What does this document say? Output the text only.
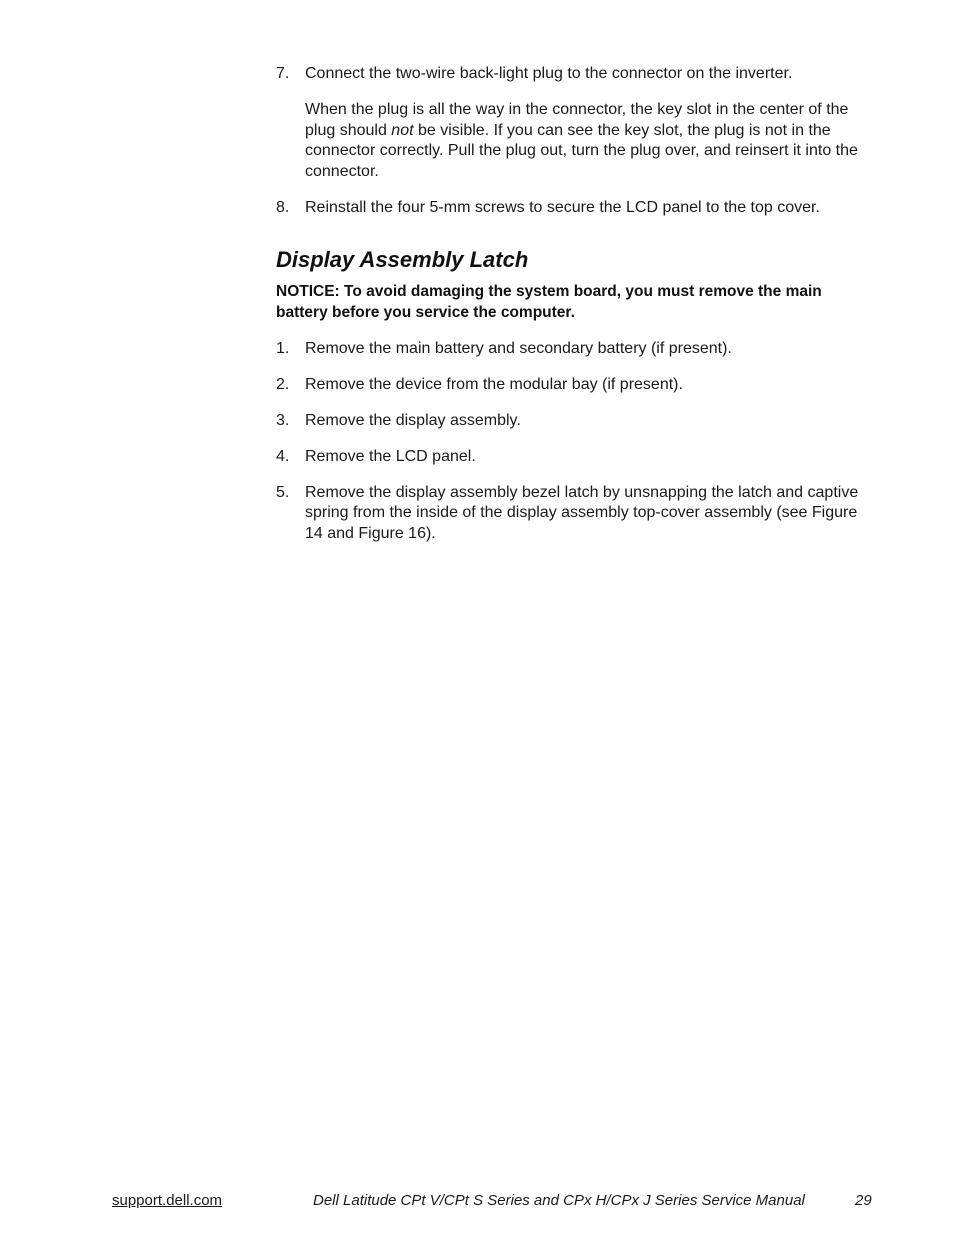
7. Connect the two-wire back-light plug to the connector on the inverter.

When the plug is all the way in the connector, the key slot in the center of the plug should not be visible. If you can see the key slot, the plug is not in the connector correctly. Pull the plug out, turn the plug over, and reinsert it into the connector.

8. Reinstall the four 5-mm screws to secure the LCD panel to the top cover.

Display Assembly Latch

NOTICE: To avoid damaging the system board, you must remove the main battery before you service the computer.

1. Remove the main battery and secondary battery (if present).

2. Remove the device from the modular bay (if present).

3. Remove the display assembly.

4. Remove the LCD panel.

5. Remove the display assembly bezel latch by unsnapping the latch and captive spring from the inside of the display assembly top-cover assembly (see Figure 14 and Figure 16).

support.dell.com	Dell Latitude CPt V/CPt S Series and CPx H/CPx J Series Service Manual	29
